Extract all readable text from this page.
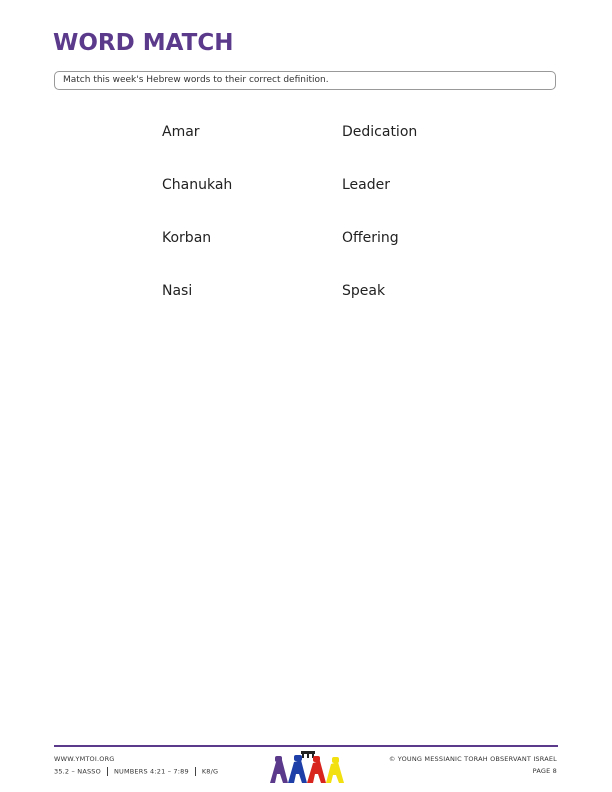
WORD MATCH
Match this week's Hebrew words to their correct definition.
Amar
Chanukah
Korban
Nasi
Dedication
Leader
Offering
Speak
WWW.YMTOI.ORG
35.2 – NASSO NUMBERS 4:21 – 7:89 K8/G
© YOUNG MESSIANIC TORAH OBSERVANT ISRAEL
PAGE 8
